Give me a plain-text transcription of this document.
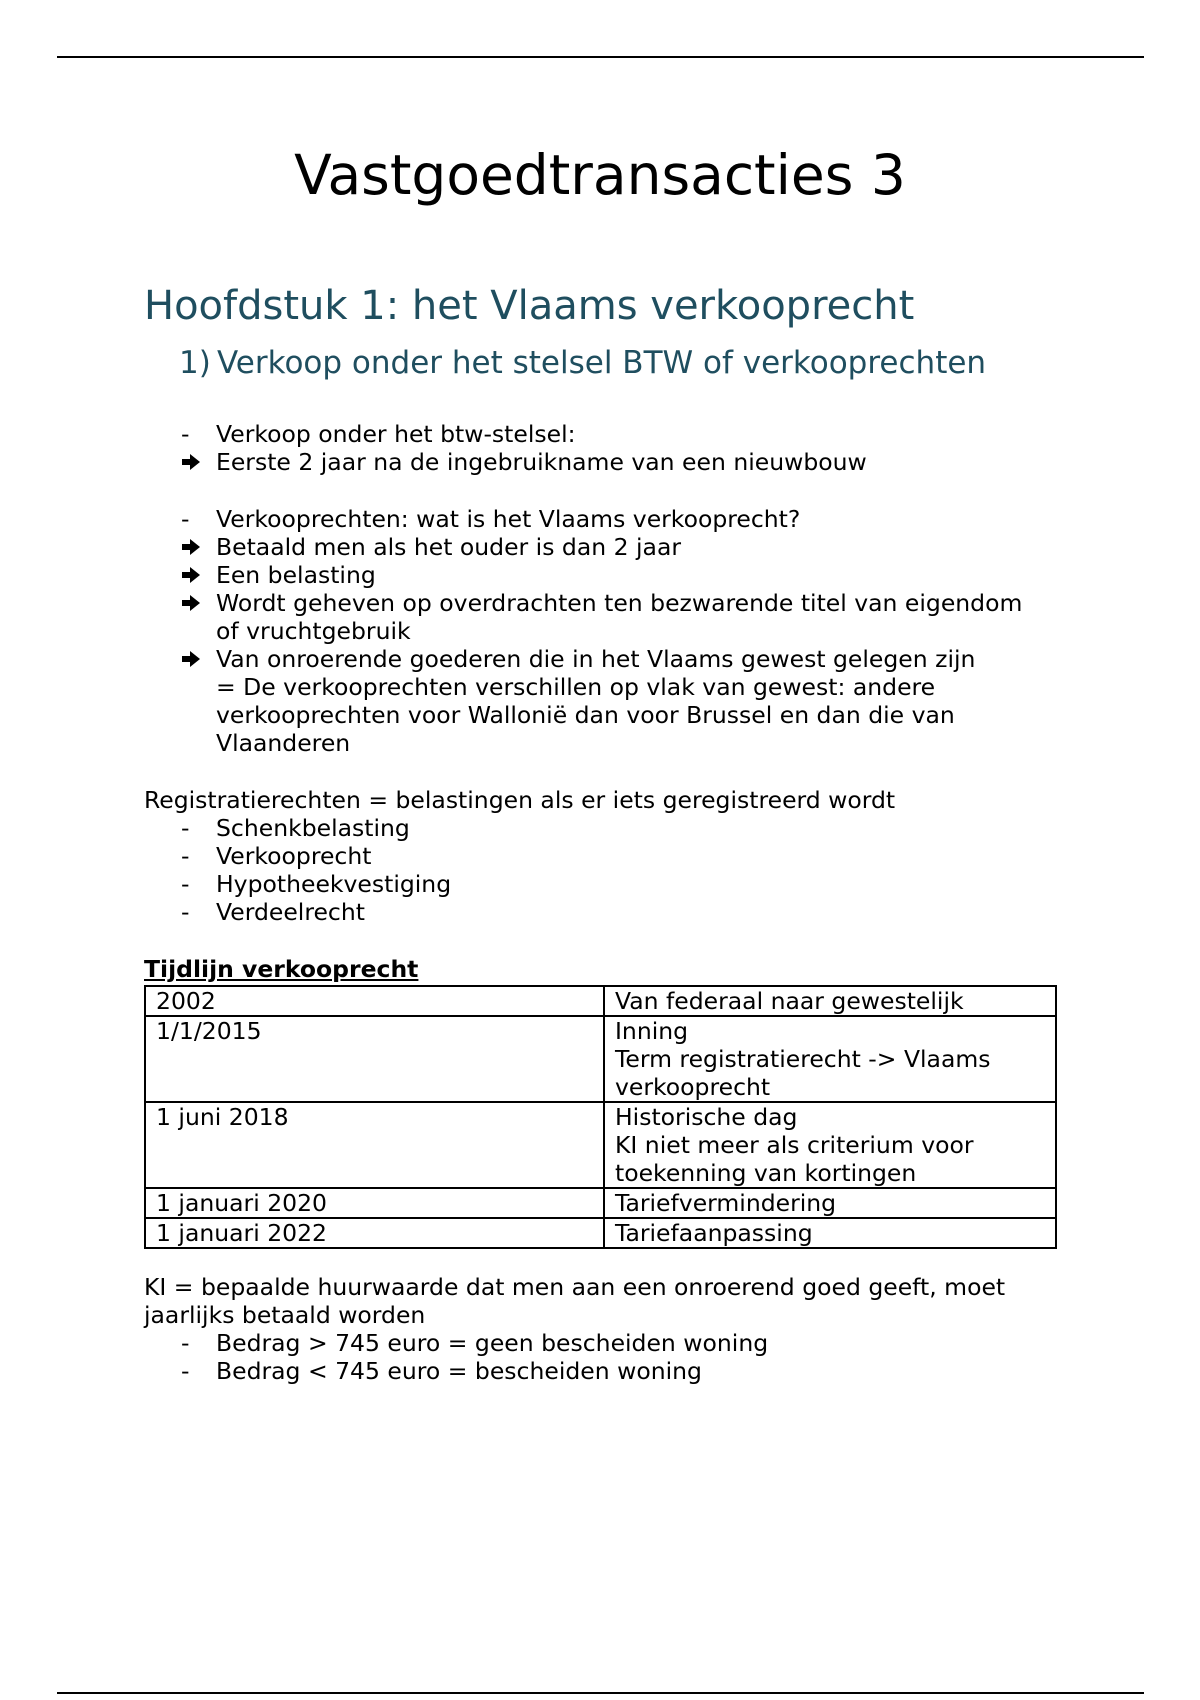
Vastgoedtransacties 3
Hoofdstuk 1: het Vlaams verkooprecht
1) Verkoop onder het stelsel BTW of verkooprechten
-	Verkoop onder het btw-stelsel:
Eerste 2 jaar na de ingebruikname van een nieuwbouw
-	Verkooprechten: wat is het Vlaams verkooprecht?
Betaald men als het ouder is dan 2 jaar
Een belasting
Wordt geheven op overdrachten ten bezwarende titel van eigendom
of vruchtgebruik
Van onroerende goederen die in het Vlaams gewest gelegen zijn
= De verkooprechten verschillen op vlak van gewest: andere
verkooprechten voor Wallonië dan voor Brussel en dan die van
Vlaanderen
Registratierechten = belastingen als er iets geregistreerd wordt
-	Schenkbelasting
-	Verkooprecht
-	Hypotheekvestiging
-	Verdeelrecht
Tijdlijn verkooprecht
2002	Van federaal naar gewestelijk

1/1/2015	Inning
Term registratierecht -> Vlaams
verkooprecht

1 juni 2018	Historische dag
KI niet meer als criterium voor
toekenning van kortingen

1 januari 2020	Tariefvermindering

1 januari 2022	Tariefaanpassing
KI = bepaalde huurwaarde dat men aan een onroerend goed geeft, moet
jaarlijks betaald worden
-	Bedrag > 745 euro = geen bescheiden woning
-	Bedrag < 745 euro = bescheiden woning
